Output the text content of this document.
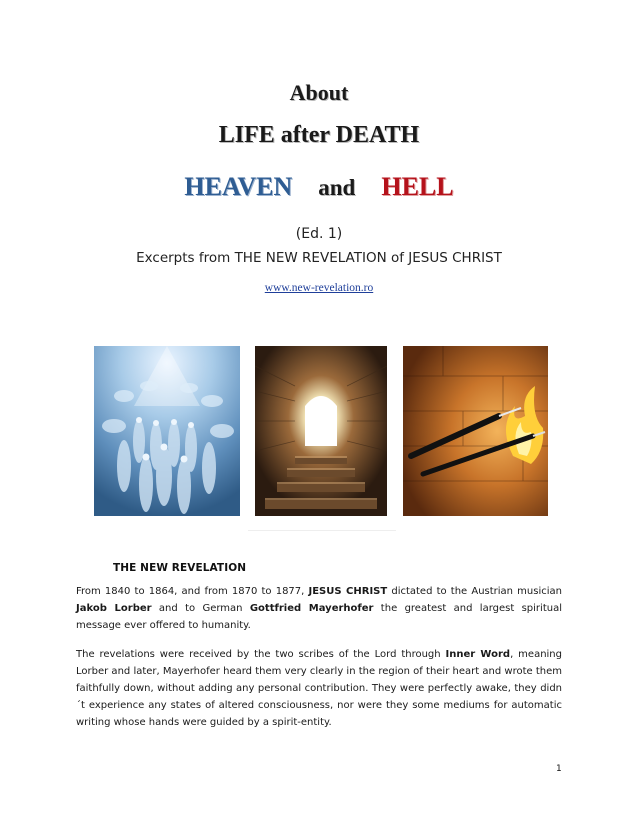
About
LIFE after DEATH
HEAVEN and HELL
(Ed. 1)
Excerpts from THE NEW REVELATION of JESUS CHRIST
www.new-revelation.ro
THE NEW REVELATION
From 1840 to 1864, and from 1870 to 1877, JESUS CHRIST dictated to the Austrian musician Jakob Lorber and to German Gottfried Mayerhofer the greatest and largest spiritual message ever offered to humanity.
The revelations were received by the two scribes of the Lord through Inner Word, meaning Lorber and later, Mayerhofer heard them very clearly in the region of their heart and wrote them faithfully down, without adding any personal contribution. They were perfectly awake, they didn´t experience any states of altered consciousness, nor were they some mediums for automatic writing whose hands were guided by a spirit-entity.
1
